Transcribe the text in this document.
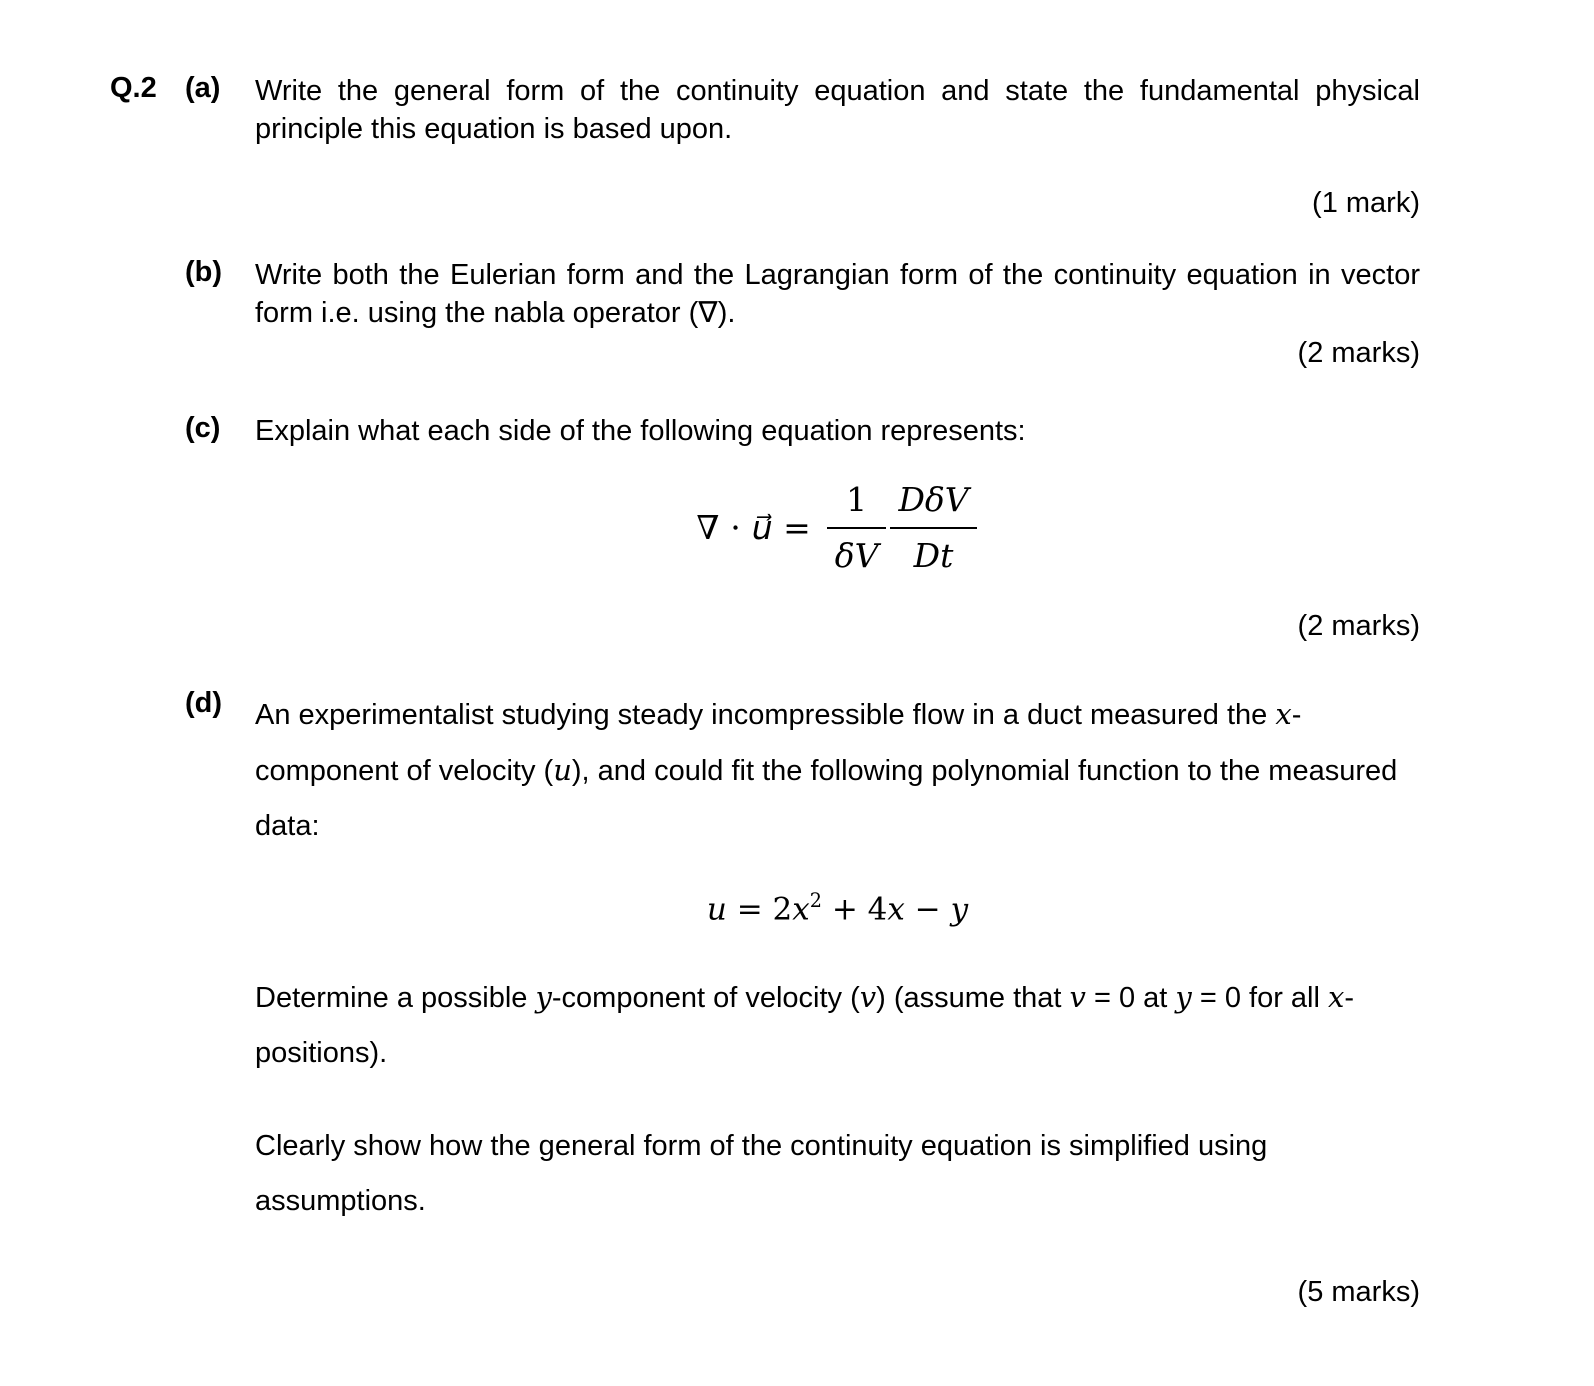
Q.2 (a)	Write the general form of the continuity equation and state the fundamental physical principle this equation is based upon.
(1 mark)
(b)	Write both the Eulerian form and the Lagrangian form of the continuity equation in vector form i.e. using the nabla operator (∇).
(2 marks)
(c)	Explain what each side of the following equation represents:
∇ ⋅ u⃗ = $\frac{1}{\delta V} \frac{\text{DδV}}{Dt}$
(2 marks)
(d)	An experimentalist studying steady incompressible flow in a duct measured the x-component of velocity (u), and could fit the following polynomial function to the measured data:

$u = 2x^2 + 4x - y$

Determine a possible y-component of velocity (v) (assume that v = 0 at y = 0 for all x-positions).

Clearly show how the general form of the continuity equation is simplified using assumptions.

(5 marks)
